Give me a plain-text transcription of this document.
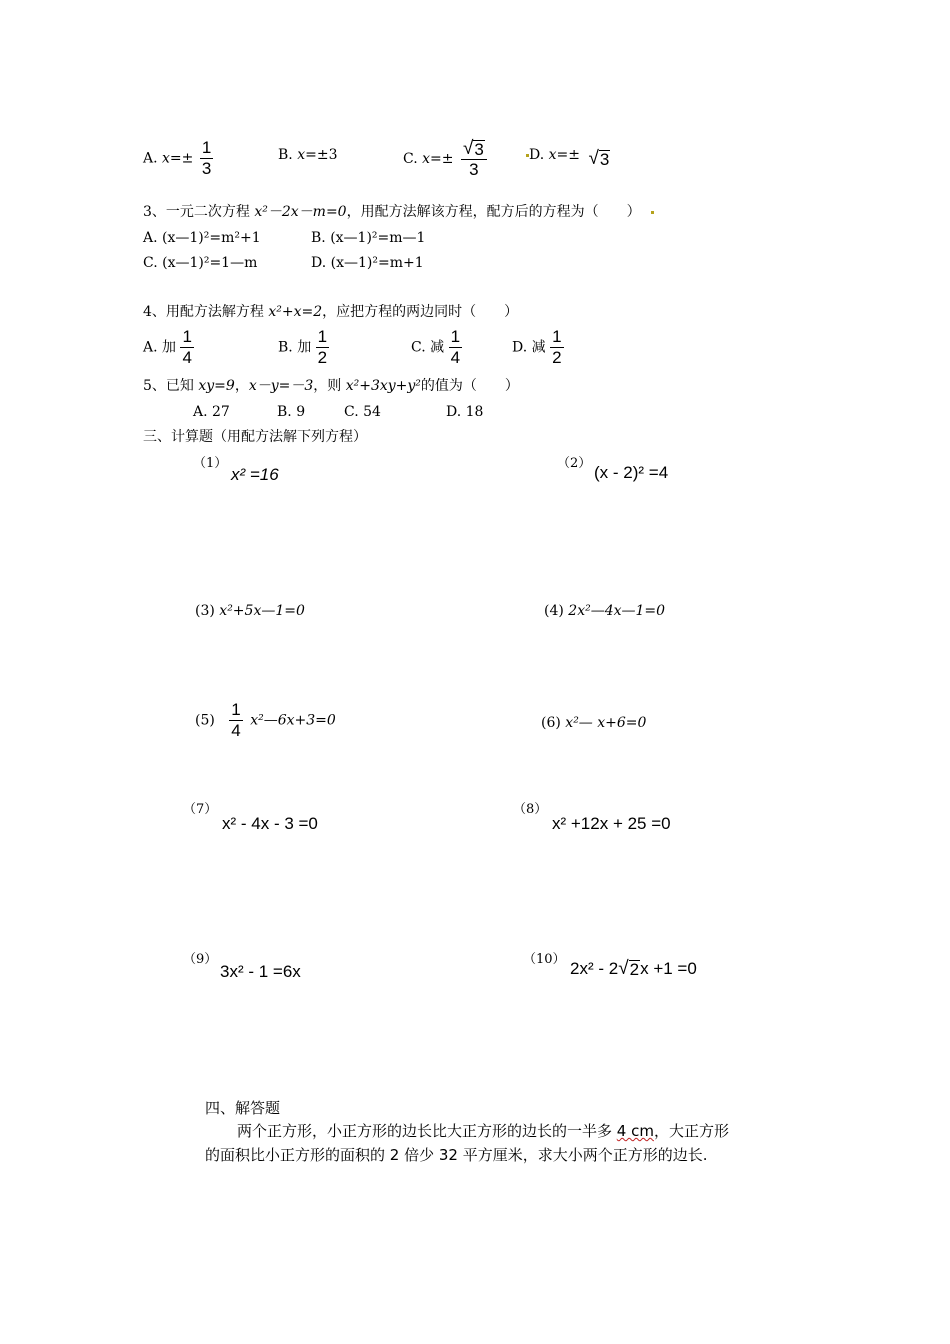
A. $x=\pm \frac{1}{3}$	B. x=±3	C. $x=\pm \frac{√ 3}{3}$	D. x=± √ 3
3、一元二次方程 x²－2x－m=0，用配方法解该方程，配方后的方程为（　　）
A. (x—1)²=m²+1	B. (x—1)²=m—1
C. (x—1)²=1—m	D. (x—1)²=m+1
4、用配方法解方程 x²+x=2，应把方程的两边同时（　　）
A. 加 $\frac{1}{4}$	B. 加 $\frac{1}{2}$	C. 减 $\frac{1}{4}$	D. 减 $\frac{1}{2}$
5、已知 xy=9，x－y=－3，则 x²+3xy+y²的值为（　　）
A. 27	B. 9	C. 54	D. 18
三、计算题（用配方法解下列方程）
（1）
x² =16
（2） (x - 2)² =4
(3) x²+5x—1=0	(4) 2x²—4x—1=0
$(5) \frac{1}{4}$ x²—6x+3=0	(6) x²— x+6=0
（7）
x² - 4x - 3 =0
（8）
x² +12x + 25 =0
（9）
3x² - 1 =6x
（10） 2x² - 2 √ 2 x +1 =0
四、解答题
两个正方形，小正方形的边长比大正方形的边长的一半多 4 cm，大正方形
的面积比小正方形的面积的 2 倍少 32 平方厘米，求大小两个正方形的边长.
